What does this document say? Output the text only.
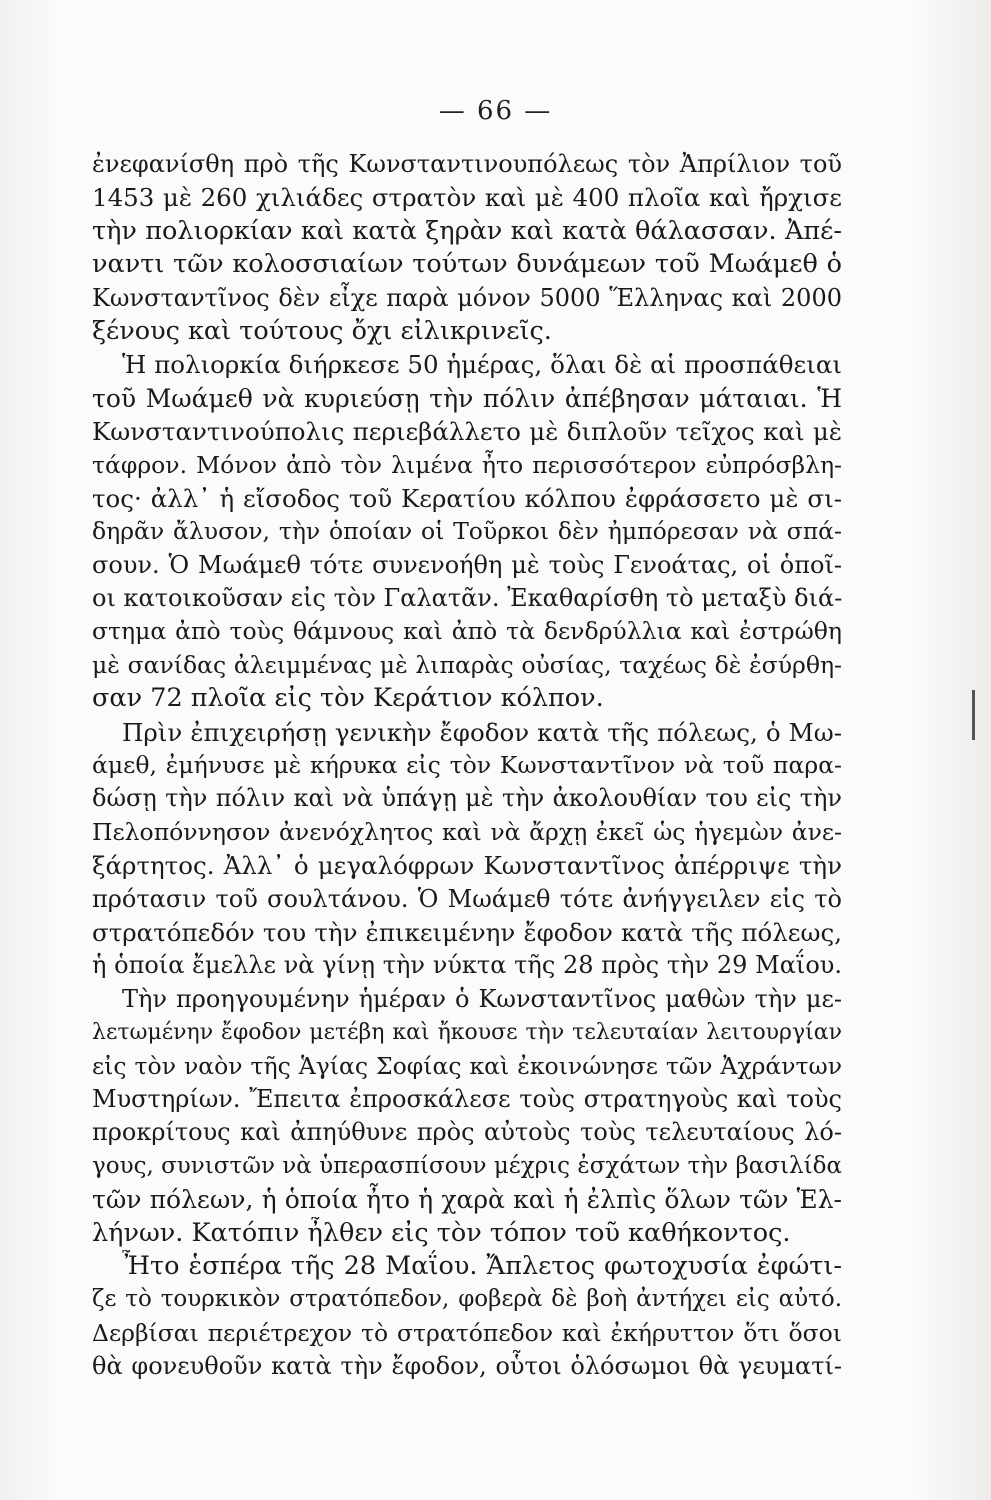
— 66 —
ἐνεφανίσθη πρὸ τῆς Κωνσταντινουπόλεως τὸν Ἀπρίλιον τοῦ
1453 μὲ 260 χιλιάδες στρατὸν καὶ μὲ 400 πλοῖα καὶ ἤρχισε
τὴν πολιορκίαν καὶ κατὰ ξηρὰν καὶ κατὰ θάλασσαν. Ἀπέ-
ναντι τῶν κολοσσιαίων τούτων δυνάμεων τοῦ Μωάμεθ ὁ
Κωνσταντῖνος δὲν εἶχε παρὰ μόνον 5000 Ἕλληνας καὶ 2000
ξένους καὶ τούτους ὄχι εἰλικρινεῖς.
Ἡ πολιορκία διήρκεσε 50 ἡμέρας, ὅλαι δὲ αἱ προσπάθειαι
τοῦ Μωάμεθ νὰ κυριεύσῃ τὴν πόλιν ἀπέβησαν μάταιαι. Ἡ
Κωνσταντινούπολις περιεβάλλετο μὲ διπλοῦν τεῖχος καὶ μὲ
τάφρον. Μόνον ἀπὸ τὸν λιμένα ἦτο περισσότερον εὐπρόσβλη-
τος· ἀλλ᾽ ἡ εἴσοδος τοῦ Κερατίου κόλπου ἐφράσσετο μὲ σι-
δηρᾶν ἄλυσον, τὴν ὁποίαν οἱ Τοῦρκοι δὲν ἠμπόρεσαν νὰ σπά-
σουν. Ὁ Μωάμεθ τότε συνενοήθη μὲ τοὺς Γενοάτας, οἱ ὁποῖ-
οι κατοικοῦσαν εἰς τὸν Γαλατᾶν. Ἐκαθαρίσθη τὸ μεταξὺ διά-
στημα ἀπὸ τοὺς θάμνους καὶ ἀπὸ τὰ δενδρύλλια καὶ ἐστρώθη
μὲ σανίδας ἀλειμμένας μὲ λιπαρὰς οὐσίας, ταχέως δὲ ἐσύρθη-
σαν 72 πλοῖα εἰς τὸν Κεράτιον κόλπον.
Πρὶν ἐπιχειρήσῃ γενικὴν ἔφοδον κατὰ τῆς πόλεως, ὁ Μω-
άμεθ, ἐμήνυσε μὲ κήρυκα εἰς τὸν Κωνσταντῖνον νὰ τοῦ παρα-
δώσῃ τὴν πόλιν καὶ νὰ ὑπάγῃ μὲ τὴν ἀκολουθίαν του εἰς τὴν
Πελοπόννησον ἀνενόχλητος καὶ νὰ ἄρχῃ ἐκεῖ ὡς ἡγεμὼν ἀνε-
ξάρτητος. Ἀλλ᾽ ὁ μεγαλόφρων Κωνσταντῖνος ἀπέρριψε τὴν
πρότασιν τοῦ σουλτάνου. Ὁ Μωάμεθ τότε ἀνήγγειλεν εἰς τὸ
στρατόπεδόν του τὴν ἐπικειμένην ἔφοδον κατὰ τῆς πόλεως,
ἡ ὁποία ἔμελλε νὰ γίνῃ τὴν νύκτα τῆς 28 πρὸς τὴν 29 Μαΐου.
Τὴν προηγουμένην ἡμέραν ὁ Κωνσταντῖνος μαθὼν τὴν με-
λετωμένην ἔφοδον μετέβη καὶ ἤκουσε τὴν τελευταίαν λειτουργίαν
εἰς τὸν ναὸν τῆς Ἁγίας Σοφίας καὶ ἐκοινώνησε τῶν Ἀχράντων
Μυστηρίων. Ἔπειτα ἐπροσκάλεσε τοὺς στρατηγοὺς καὶ τοὺς
προκρίτους καὶ ἀπηύθυνε πρὸς αὐτοὺς τοὺς τελευταίους λό-
γους, συνιστῶν νὰ ὑπερασπίσουν μέχρις ἐσχάτων τὴν βασιλίδα
τῶν πόλεων, ἡ ὁποία ἦτο ἡ χαρὰ καὶ ἡ ἐλπὶς ὅλων τῶν Ἑλ-
λήνων. Κατόπιν ἦλθεν εἰς τὸν τόπον τοῦ καθήκοντος.
Ἦτο ἑσπέρα τῆς 28 Μαΐου. Ἄπλετος φωτοχυσία ἐφώτι-
ζε τὸ τουρκικὸν στρατόπεδον, φοβερὰ δὲ βοὴ ἀντήχει εἰς αὐτό.
Δερβίσαι περιέτρεχον τὸ στρατόπεδον καὶ ἐκήρυττον ὅτι ὅσοι
θὰ φονευθοῦν κατὰ τὴν ἔφοδον, οὗτοι ὁλόσωμοι θὰ γευματί-
